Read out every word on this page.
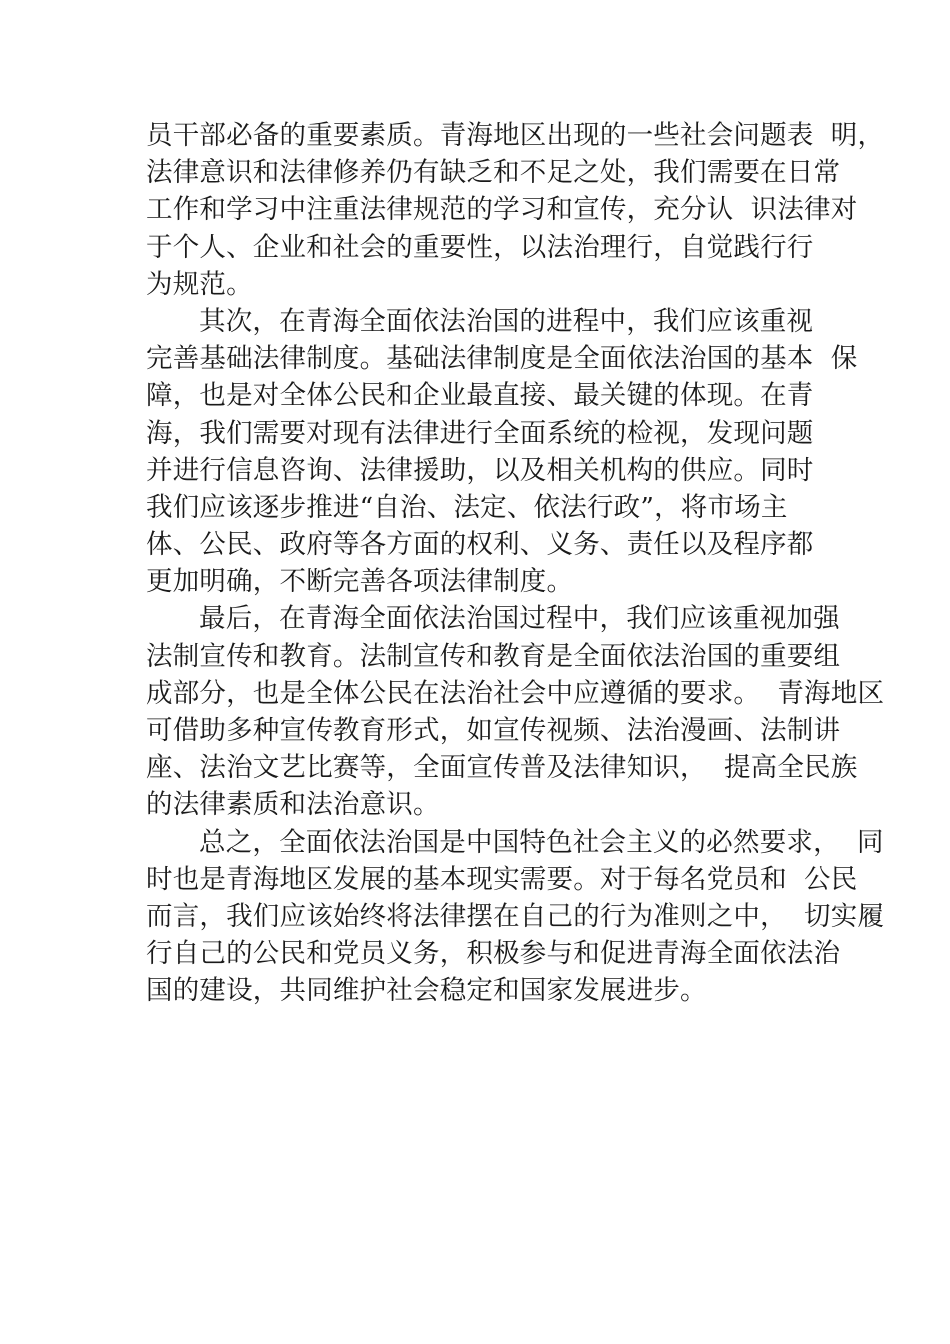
员干部必备的重要素质。青海地区出现的一些社会问题表  明，
法律意识和法律修养仍有缺乏和不足之处，我们需要在日常
工作和学习中注重法律规范的学习和宣传，充分认  识法律对
于个人、企业和社会的重要性，以法治理行，自觉践行行
为规范。
其次，在青海全面依法治国的进程中，我们应该重视
完善基础法律制度。基础法律制度是全面依法治国的基本  保
障，也是对全体公民和企业最直接、最关键的体现。在青
海，我们需要对现有法律进行全面系统的检视，发现问题
并进行信息咨询、法律援助，以及相关机构的供应。同时
我们应该逐步推进“自治、法定、依法行政”，将市场主
体、公民、政府等各方面的权利、义务、责任以及程序都
更加明确，不断完善各项法律制度。
最后，在青海全面依法治国过程中，我们应该重视加强
法制宣传和教育。法制宣传和教育是全面依法治国的重要组
成部分，也是全体公民在法治社会中应遵循的要求。  青海地区
可借助多种宣传教育形式，如宣传视频、法治漫画、法制讲
座、法治文艺比赛等，全面宣传普及法律知识，  提高全民族
的法律素质和法治意识。
总之，全面依法治国是中国特色社会主义的必然要求，  同
时也是青海地区发展的基本现实需要。对于每名党员和  公民
而言，我们应该始终将法律摆在自己的行为准则之中，  切实履
行自己的公民和党员义务，积极参与和促进青海全面依法治
国的建设，共同维护社会稳定和国家发展进步。
